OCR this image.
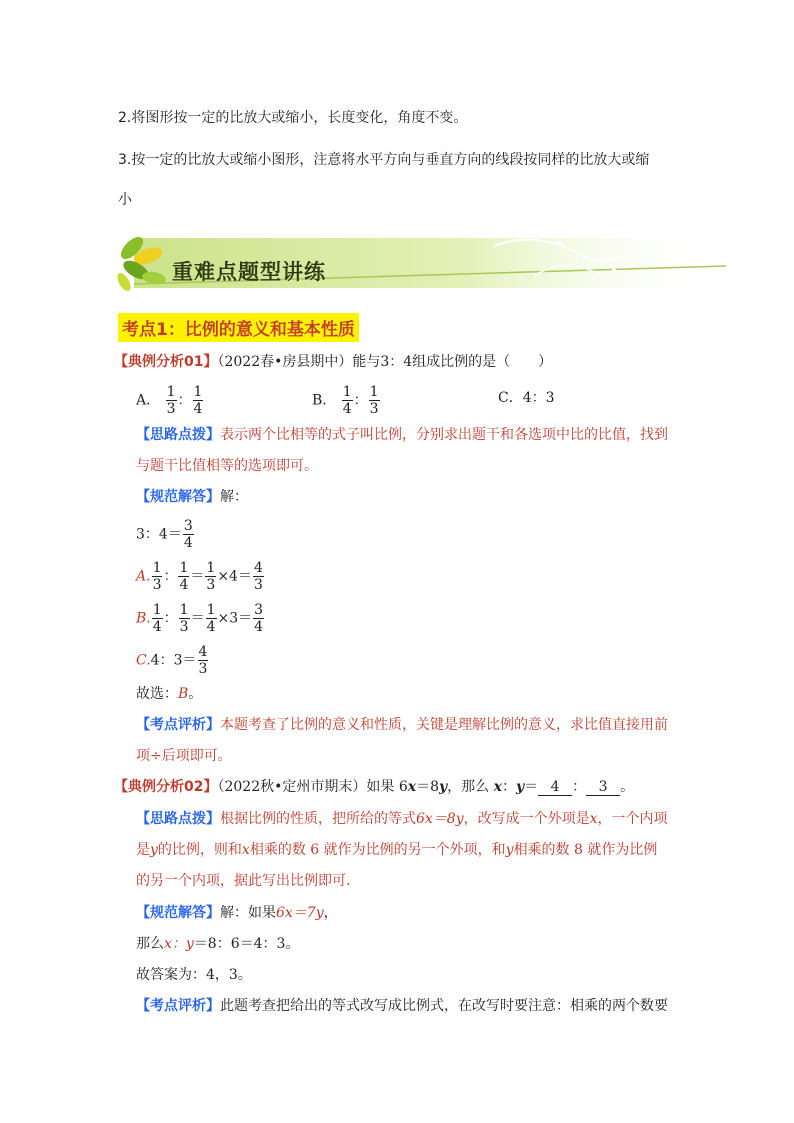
2.将图形按一定的比放大或缩小，长度变化，角度不变。
3.按一定的比放大或缩小图形，注意将水平方向与垂直方向的线段按同样的比放大或缩
小
重难点题型讲练
考点1：比例的意义和基本性质
【典例分析01】（2022春•房县期中）能与3：4组成比例的是（　　）
A． $\frac{1}{3}$ ： $\frac{1}{4}$	B． $\frac{1}{4}$ ： $\frac{1}{3}$	C．4：3
【思路点拨】表示两个比相等的式子叫比例，分别求出题干和各选项中比的比值，找到
与题干比值相等的选项即可。
【规范解答】解：
3：$4= \frac{3}{4}$
A. $\frac{1}{3}$ ： $\frac{1}{4} = \frac{1}{3} \times 4= \frac{4}{3}$
B. $\frac{1}{4}$ ： $\frac{1}{3} = \frac{1}{4} \times 3= \frac{3}{4}$
C.4：$3= \frac{4}{3}$
故选：B。
【考点评析】本题考查了比例的意义和性质，关键是理解比例的意义，求比值直接用前
项÷后项即可。
【典例分析02】（2022秋•定州市期末）如果 6x＝8y，那么 x：y＝ 4 ： 3 。
【思路点拨】根据比例的性质，把所给的等式6x＝8y，改写成一个外项是x，一个内项
是y的比例，则和x相乘的数 6 就作为比例的另一个外项，和y相乘的数 8 就作为比例
的另一个内项，据此写出比例即可.
【规范解答】解：如果6x＝7y，
那么x：y＝8：6＝4：3。
故答案为：4，3。
【考点评析】此题考查把给出的等式改写成比例式，在改写时要注意：相乘的两个数要
